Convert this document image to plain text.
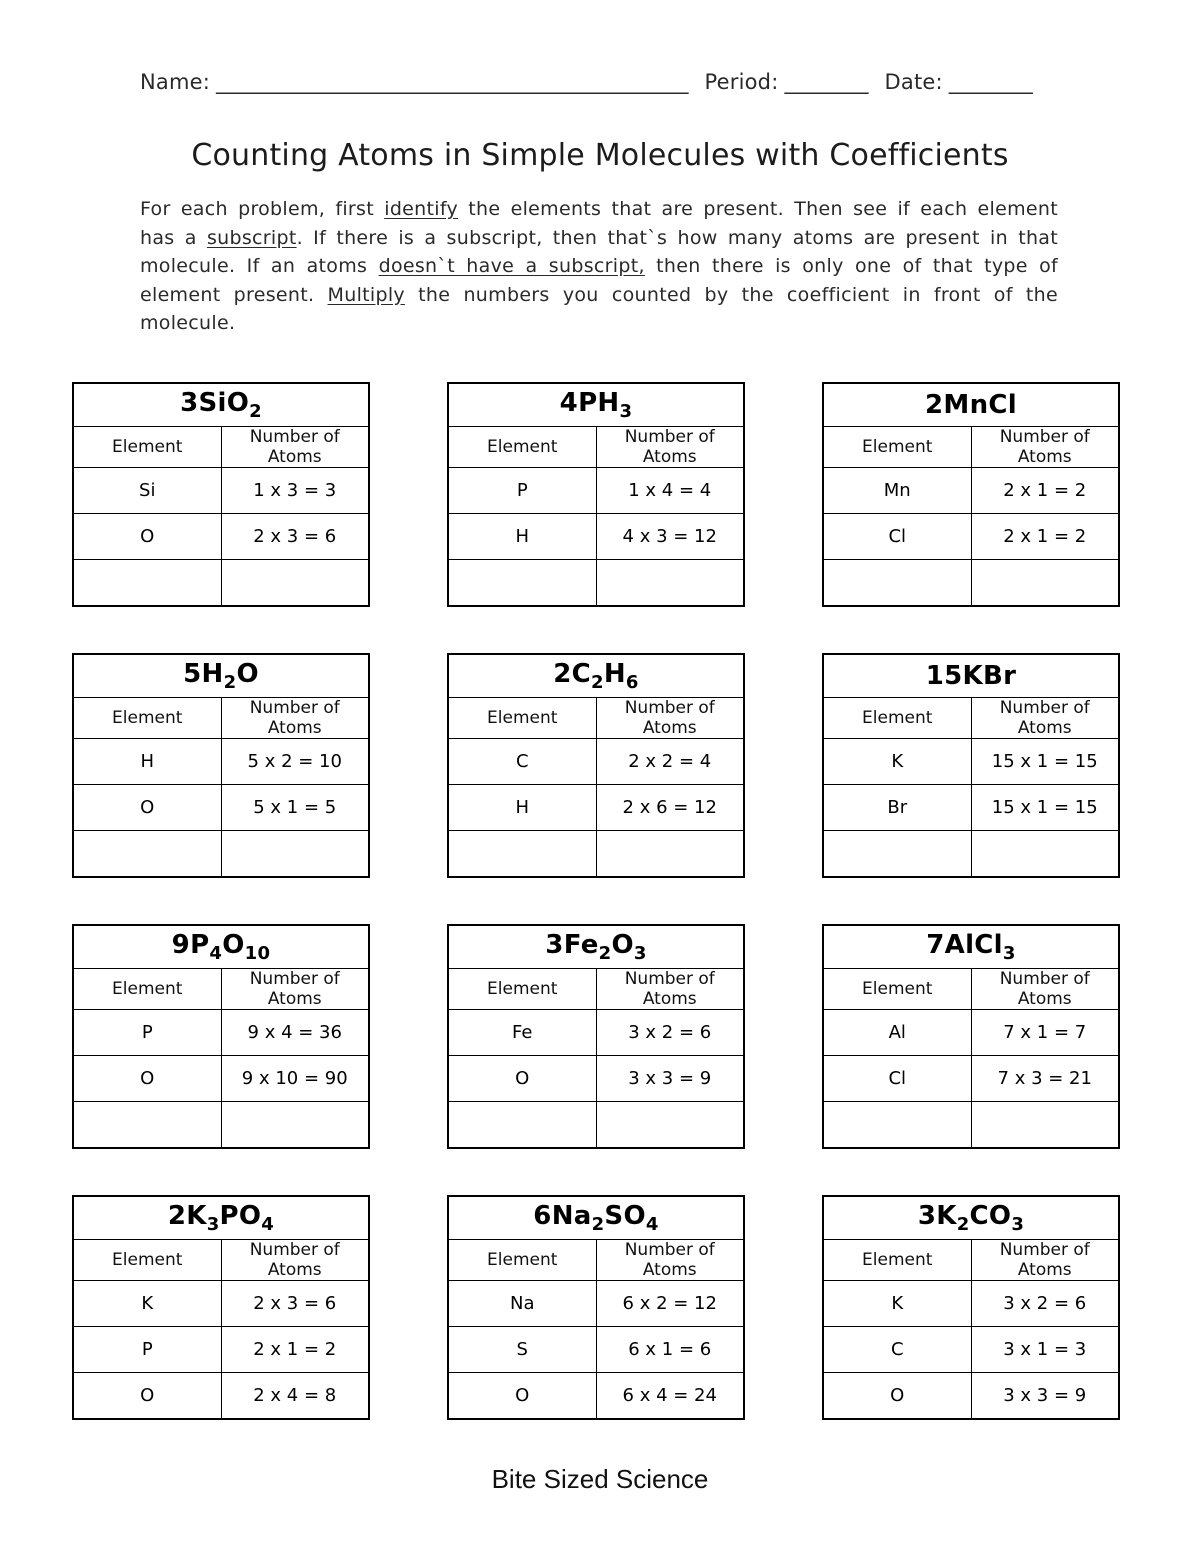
Name: _____________________________________________ Period: ________ Date: ________
Counting Atoms in Simple Molecules with Coefficients
For each problem, first identify the elements that are present. Then see if each element has a subscript. If there is a subscript, then that`s how many atoms are present in that molecule. If an atoms doesn`t have a subscript, then there is only one of that type of element present. Multiply the numbers you counted by the coefficient in front of the molecule.
3SiO$_2$
Element	Number of Atoms
Si	1 x 3 = 3
O	2 x 3 = 6

$4PH_3$
Element	Number of Atoms
P	1 x 4 = 4
H	4 x 3 = 12

2MnCl	
Element	Number of Atoms
Mn	2 x 1 = 2
Cl	2 x 1 = 2

$5H_2O$	
Element	Number of Atoms
H	5 x 2 = 10
O	5 x 1 = 5

$2C_2H_6$
Element	Number of Atoms
C	2 x 2 = 4
H	2 x 6 = 12

15KBr	
Element	Number of Atoms
K	15 x 1 = 15
Br	15 x 1 = 15

$9P_4O_{10}$
Element	Number of Atoms
P	9 x 4 = 36
O	9 x 10 = 90

$3Fe_2O_3$
Element	Number of Atoms
Fe	3 x 2 = 6
O	3 x 3 = 9

7AlCl$_3$
Element	Number of Atoms
Al	7 x 1 = 7
Cl	7 x 3 = 21

$2K_3PO_4$
Element	Number of Atoms
K	2 x 3 = 6
P	2 x 1 = 2
O	2 x 4 = 8
$6Na_2SO_4$
Element	Number of Atoms
Na	6 x 2 = 12
S	6 x 1 = 6
O	6 x 4 = 24
$3K_2CO_3$
Element	Number of Atoms
K	3 x 2 = 6
C	3 x 1 = 3
O	3 x 3 = 9
Bite Sized Science
